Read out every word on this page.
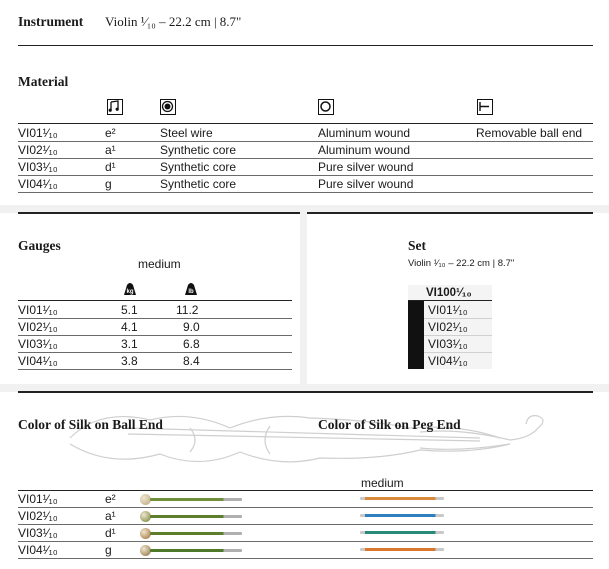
Instrument Violin ¹⁄₁₀ – 22.2 cm | 8.7"
Material
VI01¹⁄₁₀	e²	Steel wire	Aluminum wound	Removable ball end
VI02¹⁄₁₀	a¹	Synthetic core	Aluminum wound
VI03¹⁄₁₀	d¹	Synthetic core	Pure silver wound
VI04¹⁄₁₀	g	Synthetic core	Pure silver wound
Gauges
medium
kg	lb
VI01¹⁄₁₀	5.1	11.2
VI02¹⁄₁₀	4.1	9.0
VI03¹⁄₁₀	3.1	6.8
VI04¹⁄₁₀	3.8	8.4
Set
Violin ¹⁄₁₀ – 22.2 cm | 8.7"
VI100¹⁄₁₀
VI01¹⁄₁₀
VI02¹⁄₁₀
VI03¹⁄₁₀
VI04¹⁄₁₀
Color of Silk on Ball End	Color of Silk on Peg End
medium
VI01¹⁄₁₀	e²
VI02¹⁄₁₀	a¹
VI03¹⁄₁₀	d¹
VI04¹⁄₁₀	g
